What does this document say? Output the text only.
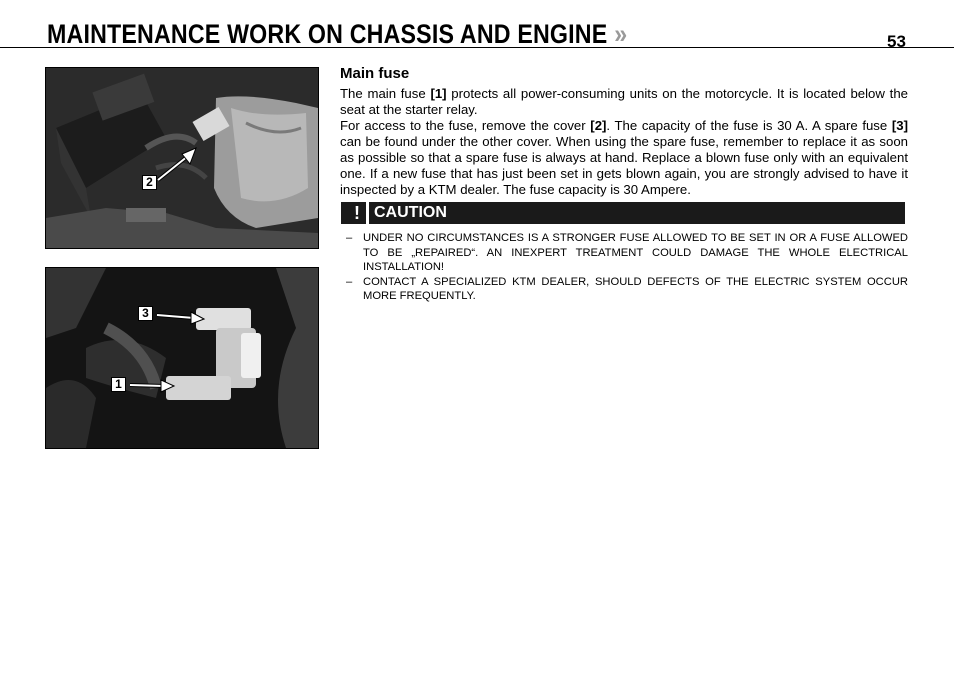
MAINTENANCE WORK ON CHASSIS AND ENGINE »	53
2
3
1
Main fuse

The main fuse [1] protects all power-consuming units on the motorcycle. It is located below the seat at the starter relay.

For access to the fuse, remove the cover [2]. The capacity of the fuse is 30 A. A spare fuse [3] can be found under the other cover. When using the spare fuse, remember to replace it as soon as possible so that a spare fuse is always at hand. Replace a blown fuse only with an equivalent one. If a new fuse that has just been set in gets blown again, you are strongly advised to have it inspected by a KTM dealer. The fuse capacity is 30 Ampere.

! CAUTION
– UNDER NO CIRCUMSTANCES IS A STRONGER FUSE ALLOWED TO BE SET IN OR A FUSE ALLOWED TO BE „REPAIRED“. AN INEXPERT TREATMENT COULD DAMAGE THE WHOLE ELECTRICAL INSTALLATION!
– CONTACT A SPECIALIZED KTM DEALER, SHOULD DEFECTS OF THE ELECTRIC SYSTEM OCCUR MORE FREQUENTLY.
